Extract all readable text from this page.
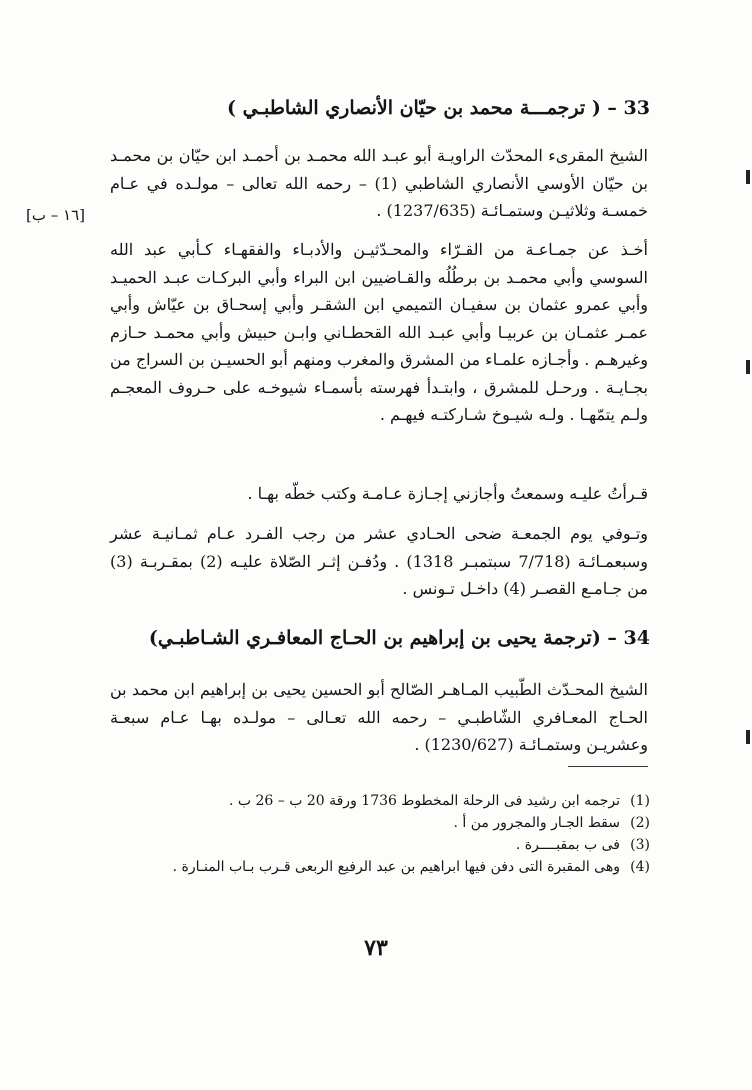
33 – ( ترجمـــة محمد بن حيّان الأنصاري الشاطبـي )

الشيخ المقرىء المحدّث الراويـة أبو عبـد الله محمـد بن أحمـد ابن حيّان بن محمـد بن حيّان الأوسي الأنصاري الشاطبي (1) – رحمه الله تعالى – مولـده في عـام خمسـة وثلاثيـن وستمـائـة (1237/635) .

[١٦ – ب]

أخـذ عن جمـاعـة من القـرّاء والمحـدّثيـن والأدبـاء والفقهـاء كـأبي عبد الله السوسي وأبي محمـد بن برطُلُه والقـاضيين ابن البراء وأبي البركـات عبـد الحميـد وأبي عمرو عثمان بن سفيـان التميمي ابن الشقـر وأبي إسحـاق بن عيّاش وأبي عمـر عثمـان بن عربيـا وأبي عبـد الله القحطـاني وابـن حبيش وأبي محمـد حـازم وغيرهـم . وأجـازه علمـاء من المشرق والمغرب ومنهم أبو الحسيـن بن السراج من بجـايـة . ورحـل للمشرق ، وابتـدأ فهرسته بأسمـاء شيوخـه على حـروف المعجـم ولـم يتمّهـا . ولـه شيـوخ شـاركتـه فيهـم .

قـرأتُ عليـه وسمعتُ وأجازني إجـازة عـامـة وكتب خطّه بهـا .

وتـوفي يوم الجمعـة ضحى الحـادي عشر من رجب الفـرد عـام ثمـانيـة عشر وسبعمـائـة (7/718 سبتمبـر 1318) . ودُفـن إثـر الصّلاة عليـه (2) بمقـربـة (3) من جـامـع القصـر (4) داخـل تـونس .

34 – (ترجمة يحيى بن إبراهيم بن الحـاج المعافـري الشـاطبـي)

الشيخ المحـدّث الطّبيب المـاهـر الصّالح أبو الحسين يحيى بن إبراهيم ابن محمد بن الحـاج المعـافري الشّاطبـي – رحمه الله تعـالى – مولـده بهـا عـام سبعـة وعشريـن وستمـائـة (1230/627) .

(1)
ترجمه ابن رشيد فى الرحلة المخطوط 1736 ورقة 20 ب – 26 ب .
(2)
سقط الجـار والمجرور من أ .
(3)
فى ب بمقبــــرة .
(4)
وهى المقبرة التى دفن فيها ابراهيم بن عبد الرفيع الربعى قـرب بـاب المنـارة .
٧٣
